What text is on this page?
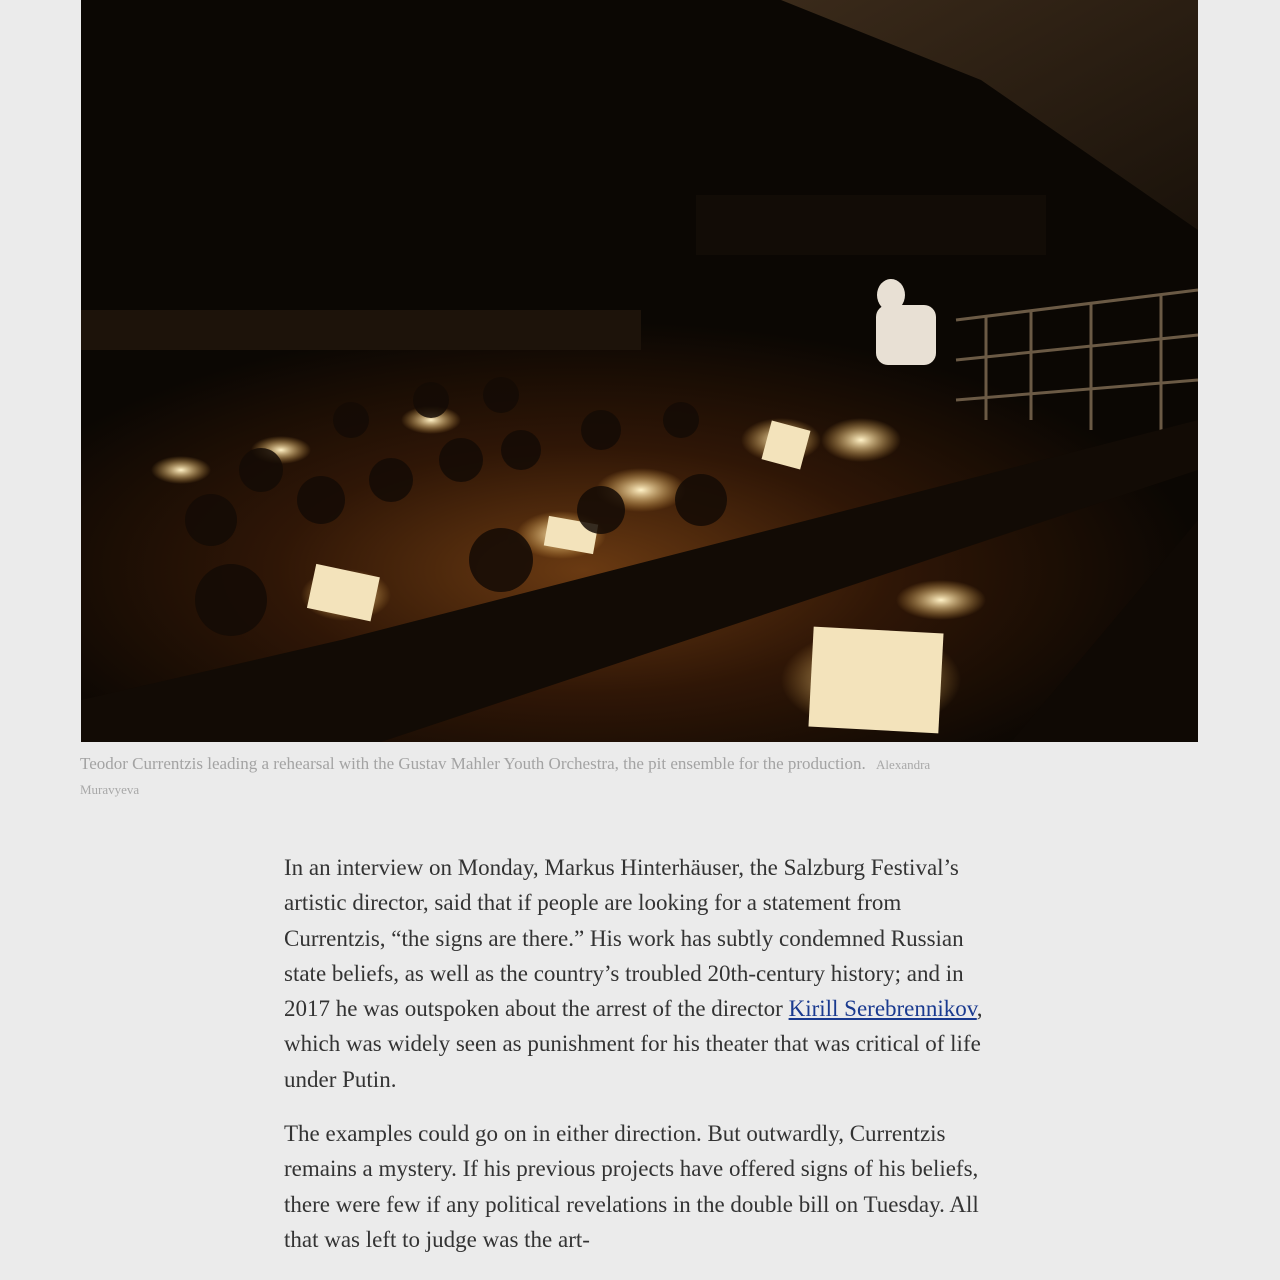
Teodor Currentzis leading a rehearsal with the Gustav Mahler Youth Orchestra, the pit ensemble for the production. Alexandra Muravyeva

In an interview on Monday, Markus Hinterhäuser, the Salzburg Festival’s artistic director, said that if people are looking for a statement from Currentzis, “the signs are there.” His work has subtly condemned Russian state beliefs, as well as the country’s troubled 20th-century history; and in 2017 he was outspoken about the arrest of the director Kirill Serebrennikov, which was widely seen as punishment for his theater that was critical of life under Putin.

The examples could go on in either direction. But outwardly, Currentzis remains a mystery. If his previous projects have offered signs of his beliefs, there were few if any political revelations in the double bill on Tuesday. All that was left to judge was the art-
